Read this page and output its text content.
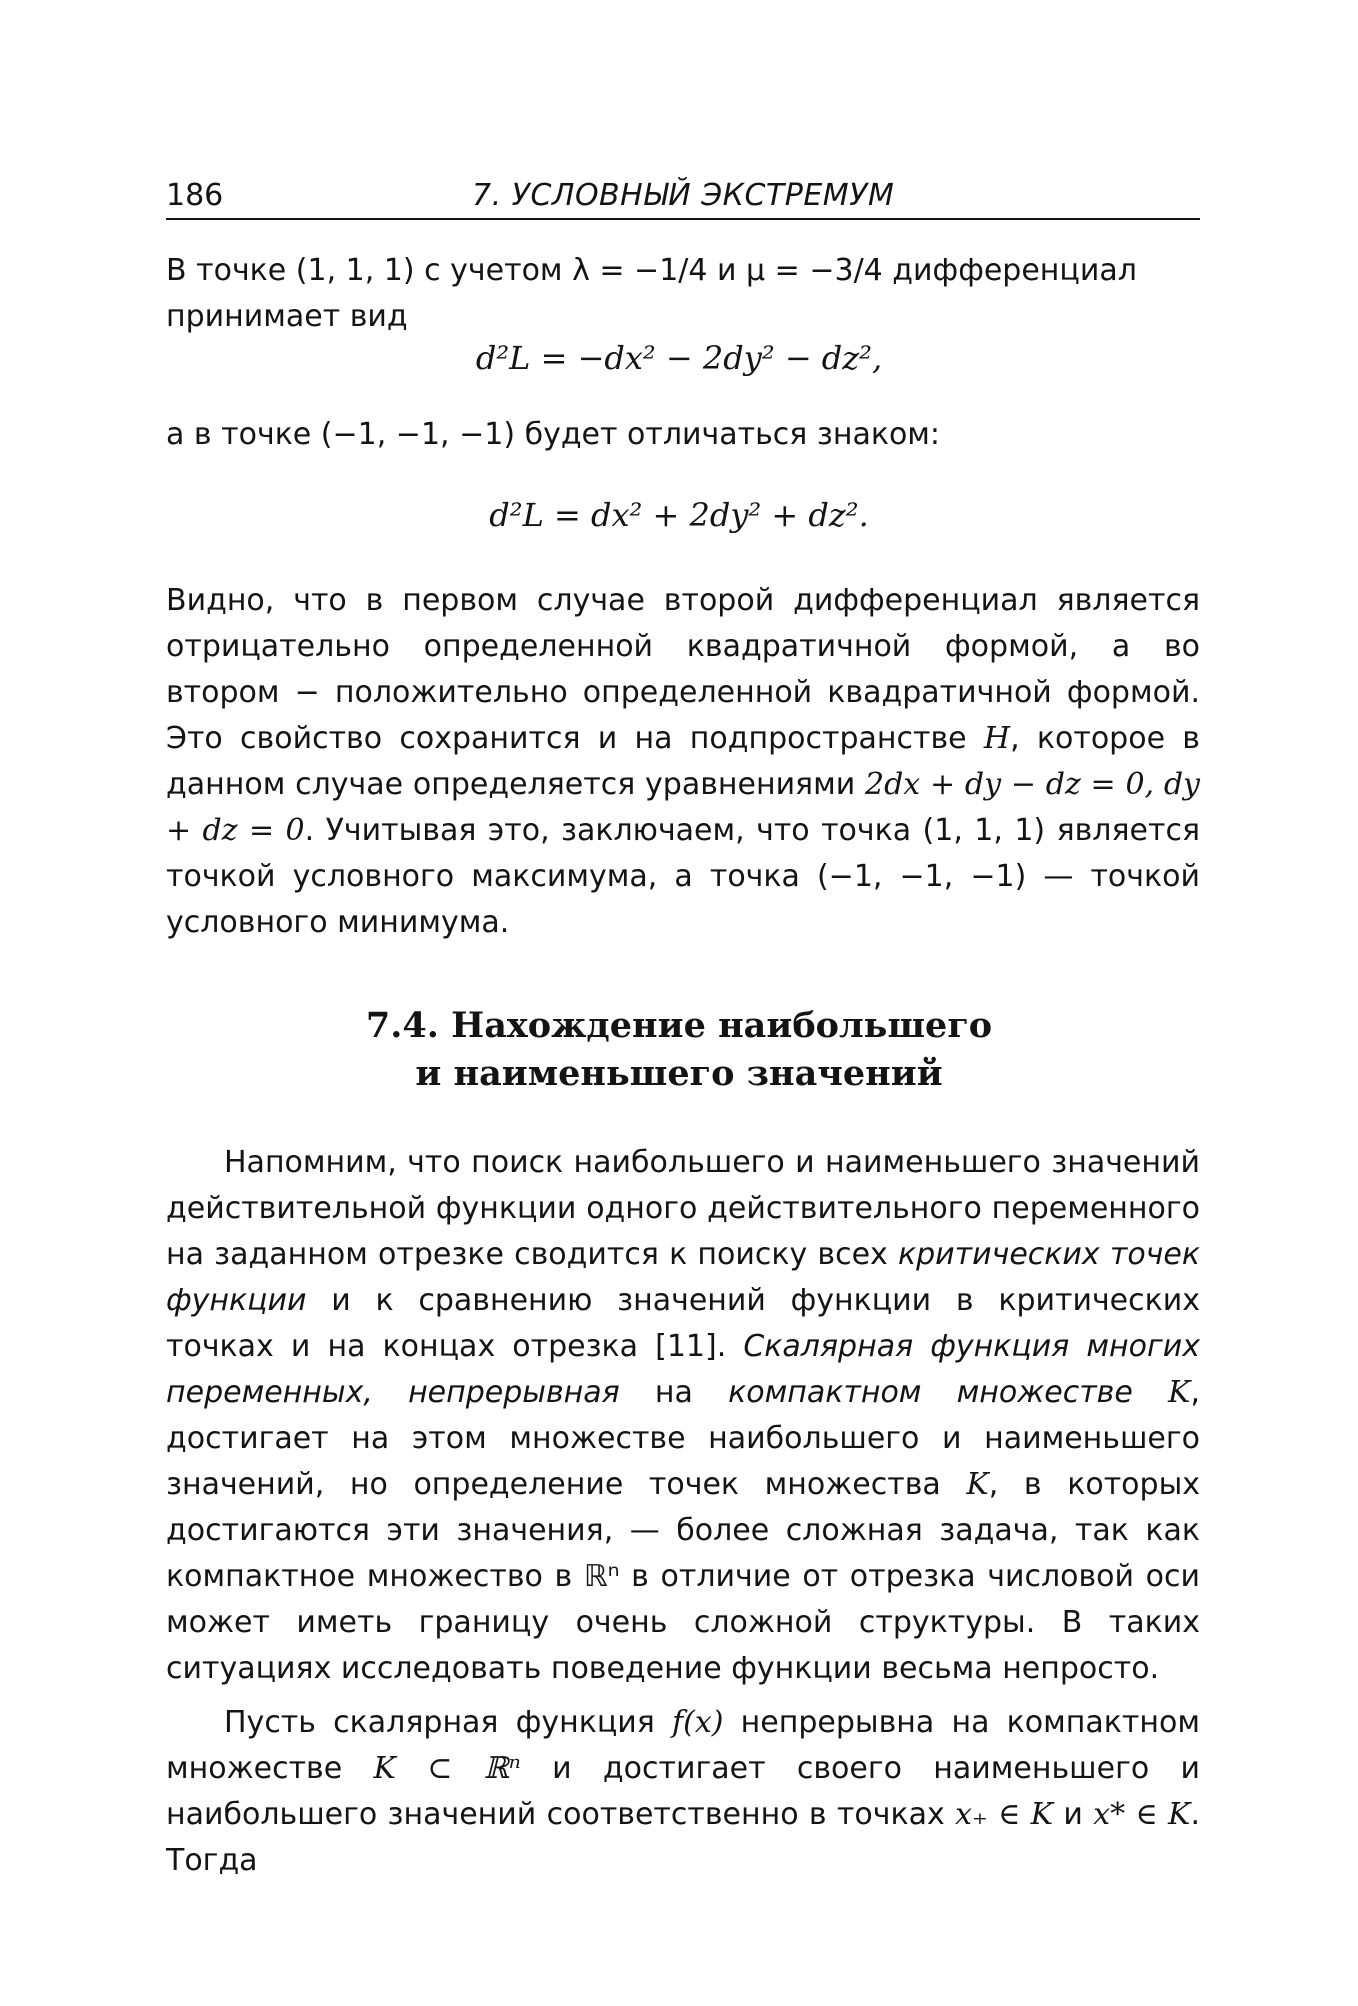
186	7. УСЛОВНЫЙ ЭКСТРЕМУМ

В точке (1, 1, 1) с учетом λ = −1/4 и μ = −3/4 дифференциал
принимает вид

d²L = −dx² − 2dy² − dz²,

а в точке (−1, −1, −1) будет отличаться знаком:

d²L = dx² + 2dy² + dz².

Видно, что в первом случае второй дифференциал является отрицательно определенной квадратичной формой, а во втором − положительно определенной квадратичной формой. Это свойство сохранится и на подпространстве H, которое в данном случае определяется уравнениями 2dx + dy − dz = 0, dy + dz = 0. Учитывая это, заключаем, что точка (1, 1, 1) является точкой условного максимума, а точка (−1, −1, −1) — точкой условного минимума.

7.4. Нахождение наибольшего
и наименьшего значений

Напомним, что поиск наибольшего и наименьшего значений действительной функции одного действительного переменного на заданном отрезке сводится к поиску всех критических точек функции и к сравнению значений функции в критических точках и на концах отрезка [11]. Скалярная функция многих переменных, непрерывная на компактном множестве K, достигает на этом множестве наибольшего и наименьшего значений, но определение точек множества K, в которых достигаются эти значения, — более сложная задача, так как компактное множество в ℝⁿ в отличие от отрезка числовой оси может иметь границу очень сложной структуры. В таких ситуациях исследовать поведение функции весьма непросто.

Пусть скалярная функция f(x) непрерывна на компактном множестве K ⊂ ℝⁿ и достигает своего наименьшего и наибольшего значений соответственно в точках x₊ ∈ K и x* ∈ K. Тогда
